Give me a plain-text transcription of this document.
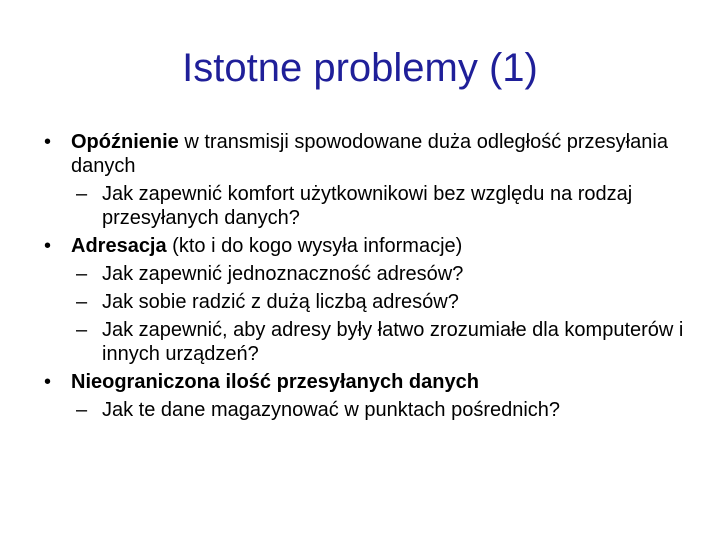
Istotne problemy (1)
• Opóźnienie w transmisji spowodowane duża odległość przesyłania danych
– Jak zapewnić komfort użytkownikowi bez względu na rodzaj przesyłanych danych?
• Adresacja (kto i do kogo wysyła informacje)
– Jak zapewnić jednoznaczność adresów?
– Jak sobie radzić z dużą liczbą adresów?
– Jak zapewnić, aby adresy były łatwo zrozumiałe dla komputerów i innych urządzeń?
• Nieograniczona ilość przesyłanych danych
– Jak te dane magazynować w punktach pośrednich?
